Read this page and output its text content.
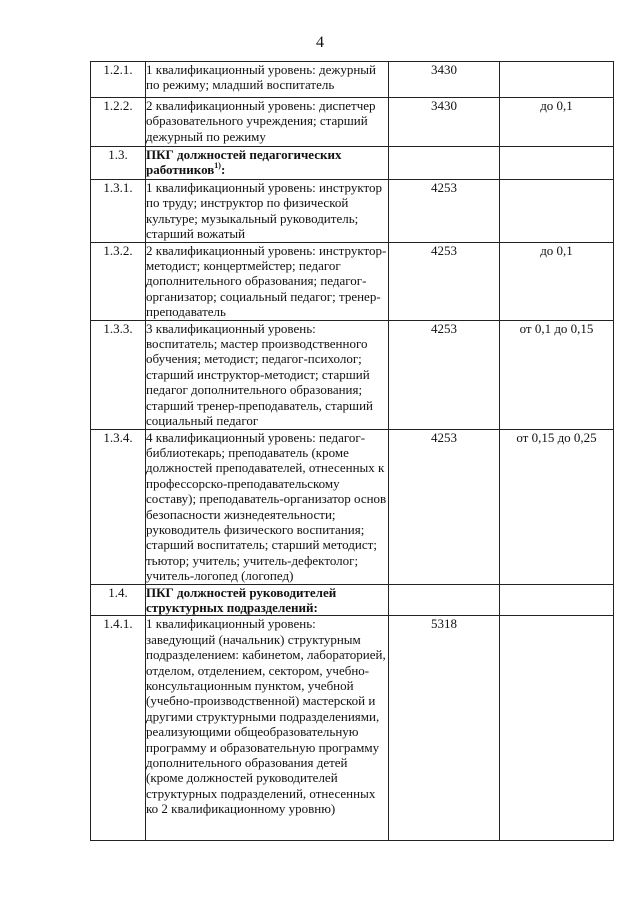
4
1.2.1.	1 квалификационный уровень: дежурный по режиму; младший воспитатель	3430	
1.2.2.	2 квалификационный уровень: диспетчер образовательного учреждения; старший дежурный по режиму	3430	до 0,1
1.3.	ПКГ должностей педагогических работников$^{1)}$:		
1.3.1.	1 квалификационный уровень: инструктор по труду; инструктор по физической культуре; музыкальный руководитель; старший вожатый	4253	
1.3.2.	2 квалификационный уровень: инструктор-методист; концертмейстер; педагог дополнительного образования; педагог-организатор; социальный педагог; тренер-преподаватель	4253	до 0,1
1.3.3.	3 квалификационный уровень: воспитатель; мастер производственного обучения; методист; педагог-психолог; старший инструктор-методист; старший педагог дополнительного образования; старший тренер-преподаватель, старший социальный педагог	4253	от 0,1 до 0,15
1.3.4.	4 квалификационный уровень: педагог-библиотекарь; преподаватель (кроме должностей преподавателей, отнесенных к профессорско-преподавательскому составу); преподаватель-организатор основ безопасности жизнедеятельности; руководитель физического воспитания; старший воспитатель; старший методист; тьютор; учитель; учитель-дефектолог; учитель-логопед (логопед)	4253	от 0,15 до 0,25
1.4.	ПКГ должностей руководителей структурных подразделений:		
1.4.1.	1 квалификационный уровень: заведующий (начальник) структурным подразделением: кабинетом, лабораторией, отделом, отделением, сектором, учебно-консультационным пунктом, учебной (учебно-производственной) мастерской и другими структурными подразделениями, реализующими общеобразовательную программу и образовательную программу дополнительного образования детей (кроме должностей руководителей структурных подразделений, отнесенных ко 2 квалификационному уровню)	5318	
